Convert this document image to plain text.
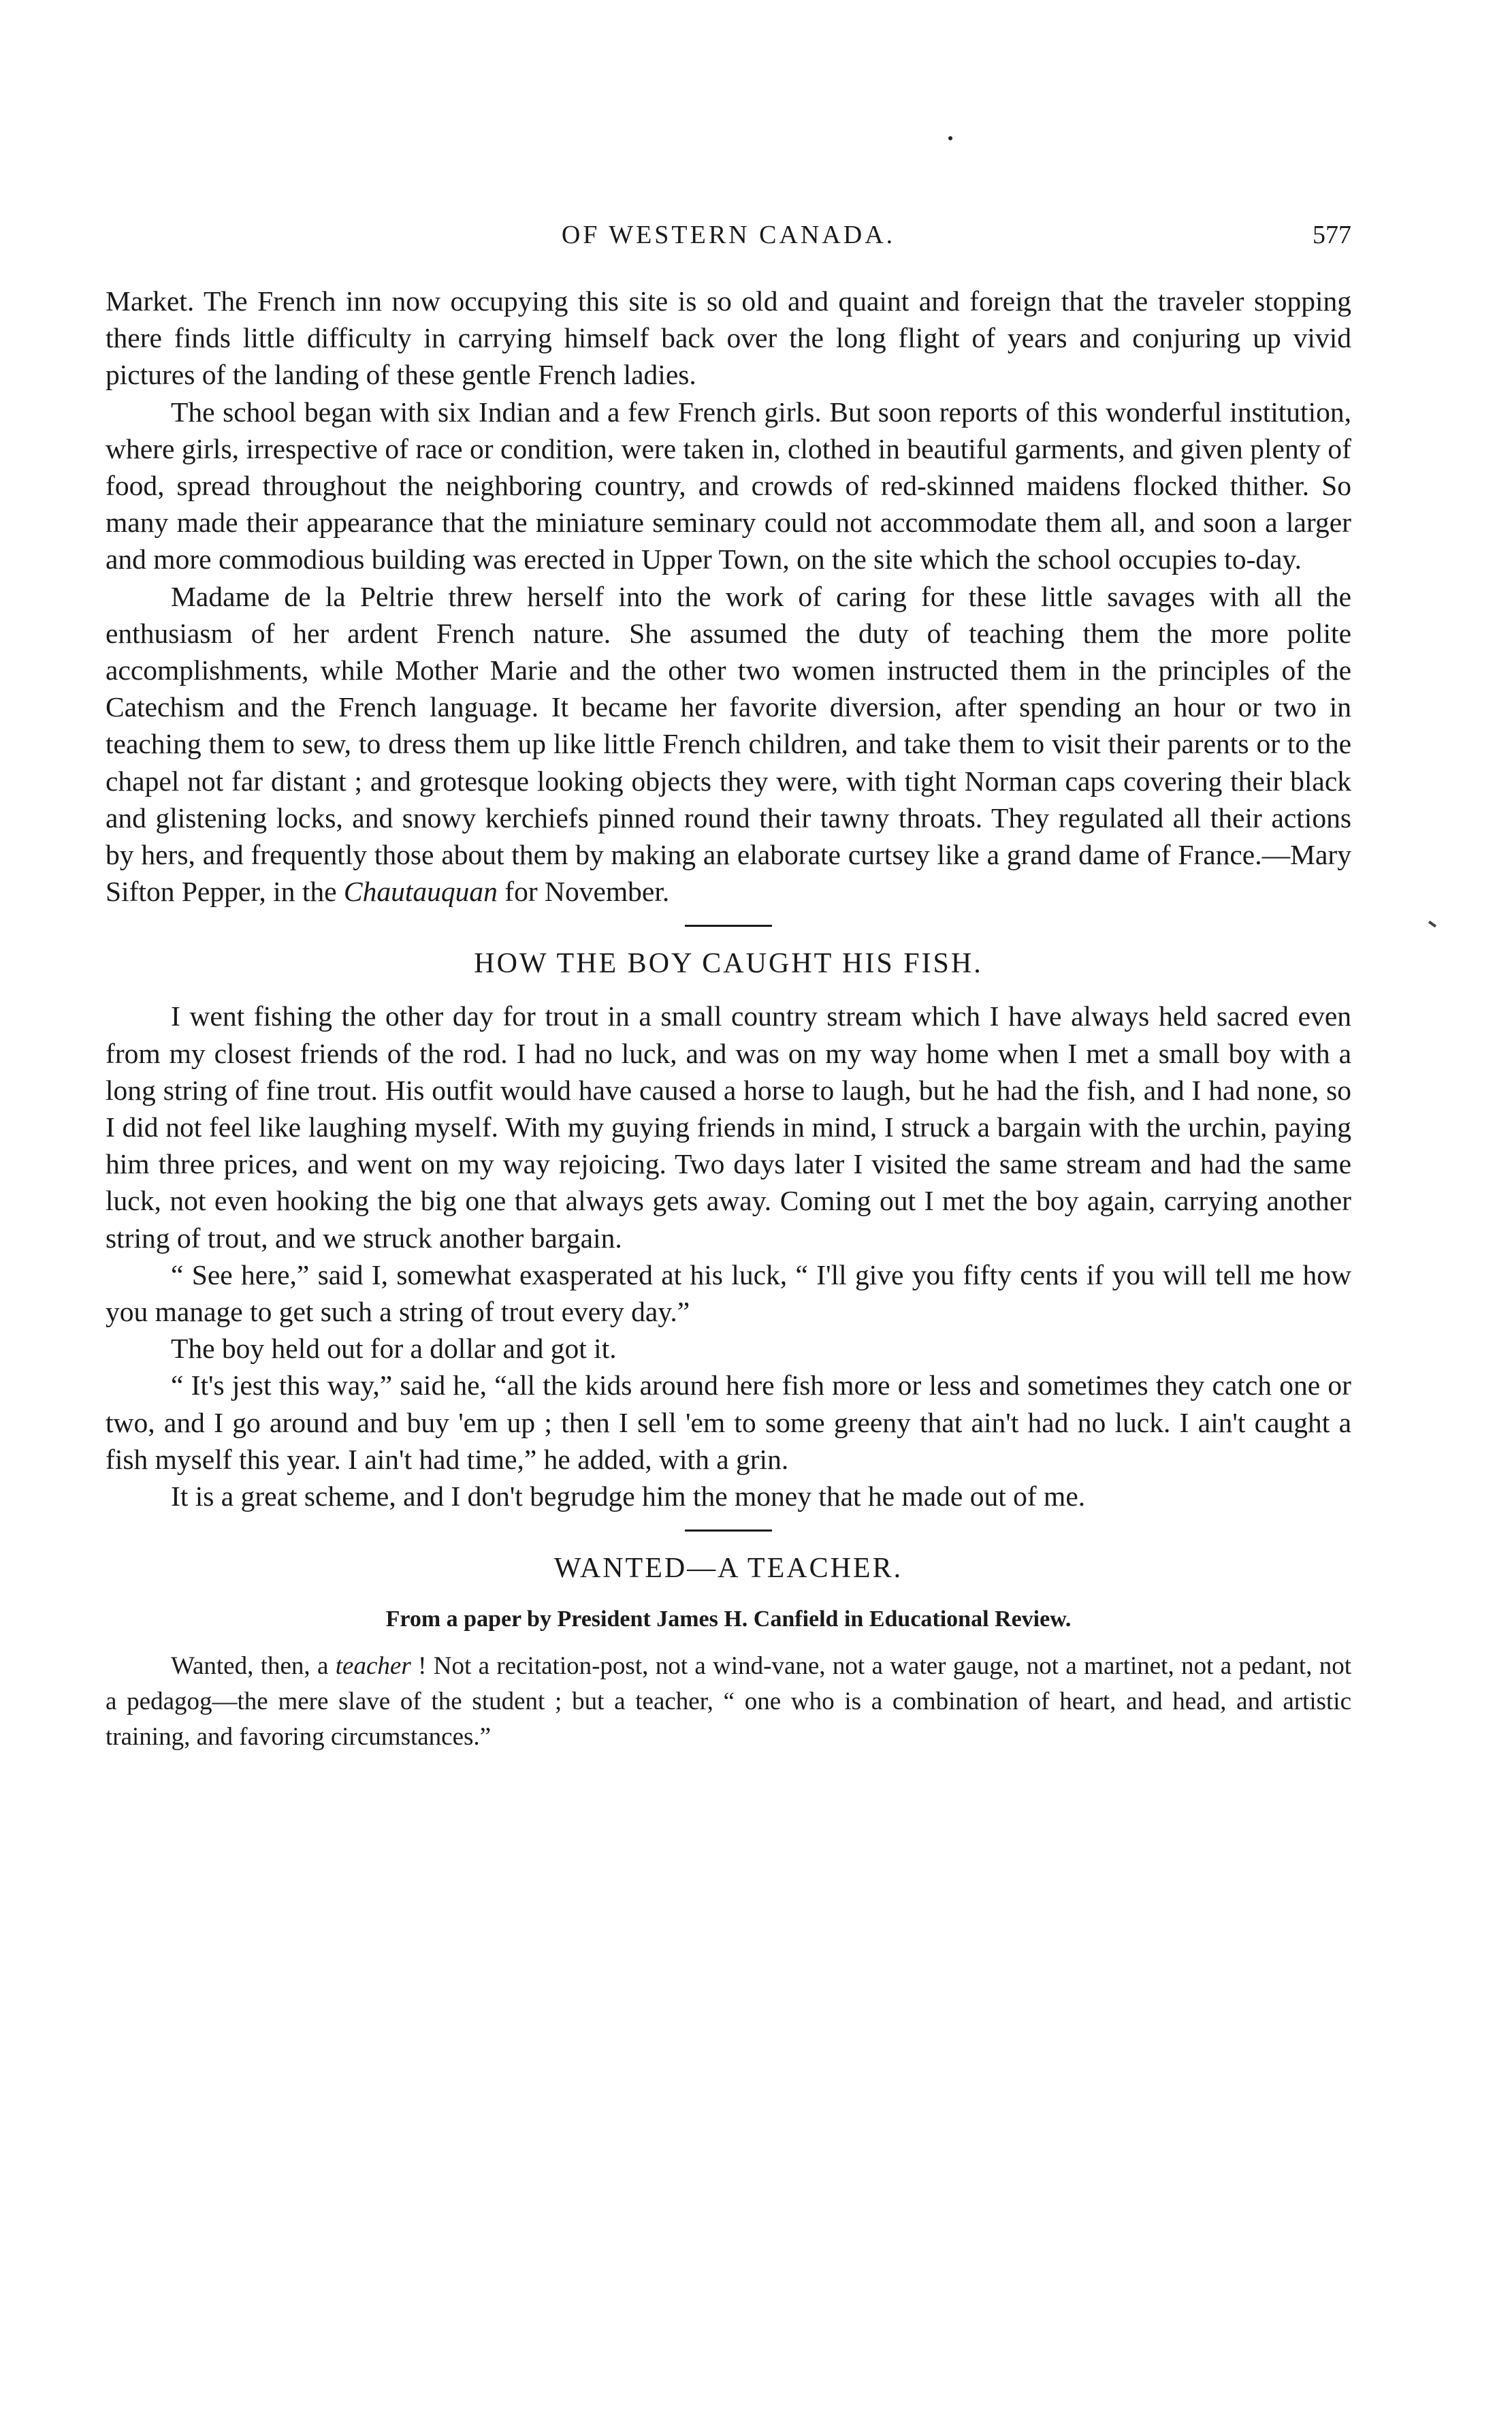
OF WESTERN CANADA.	577

Market. The French inn now occupying this site is so old and quaint and foreign that the traveler stopping there finds little difficulty in carrying himself back over the long flight of years and conjuring up vivid pictures of the landing of these gentle French ladies.

The school began with six Indian and a few French girls. But soon reports of this wonderful institution, where girls, irrespective of race or condition, were taken in, clothed in beautiful garments, and given plenty of food, spread throughout the neighboring country, and crowds of red-skinned maidens flocked thither. So many made their appearance that the miniature seminary could not accommodate them all, and soon a larger and more commodious building was erected in Upper Town, on the site which the school occupies to-day.

Madame de la Peltrie threw herself into the work of caring for these little savages with all the enthusiasm of her ardent French nature. She assumed the duty of teaching them the more polite accomplishments, while Mother Marie and the other two women instructed them in the principles of the Catechism and the French language. It became her favorite diversion, after spending an hour or two in teaching them to sew, to dress them up like little French children, and take them to visit their parents or to the chapel not far distant ; and grotesque looking objects they were, with tight Norman caps covering their black and glistening locks, and snowy kerchiefs pinned round their tawny throats. They regulated all their actions by hers, and frequently those about them by making an elaborate curtsey like a grand dame of France.—Mary Sifton Pepper, in the Chautauquan for November.

HOW THE BOY CAUGHT HIS FISH.

I went fishing the other day for trout in a small country stream which I have always held sacred even from my closest friends of the rod. I had no luck, and was on my way home when I met a small boy with a long string of fine trout. His outfit would have caused a horse to laugh, but he had the fish, and I had none, so I did not feel like laughing myself. With my guying friends in mind, I struck a bargain with the urchin, paying him three prices, and went on my way rejoicing. Two days later I visited the same stream and had the same luck, not even hooking the big one that always gets away. Coming out I met the boy again, carrying another string of trout, and we struck another bargain.

“ See here,” said I, somewhat exasperated at his luck, “ I'll give you fifty cents if you will tell me how you manage to get such a string of trout every day.”

The boy held out for a dollar and got it.

“ It's jest this way,” said he, “all the kids around here fish more or less and sometimes they catch one or two, and I go around and buy 'em up ; then I sell 'em to some greeny that ain't had no luck. I ain't caught a fish myself this year. I ain't had time,” he added, with a grin.

It is a great scheme, and I don't begrudge him the money that he made out of me.

WANTED—A TEACHER.
From a paper by President James H. Canfield in Educational Review.

Wanted, then, a teacher ! Not a recitation-post, not a wind-vane, not a water gauge, not a martinet, not a pedant, not a pedagog—the mere slave of the student ; but a teacher, “ one who is a combination of heart, and head, and artistic training, and favoring circumstances.”
